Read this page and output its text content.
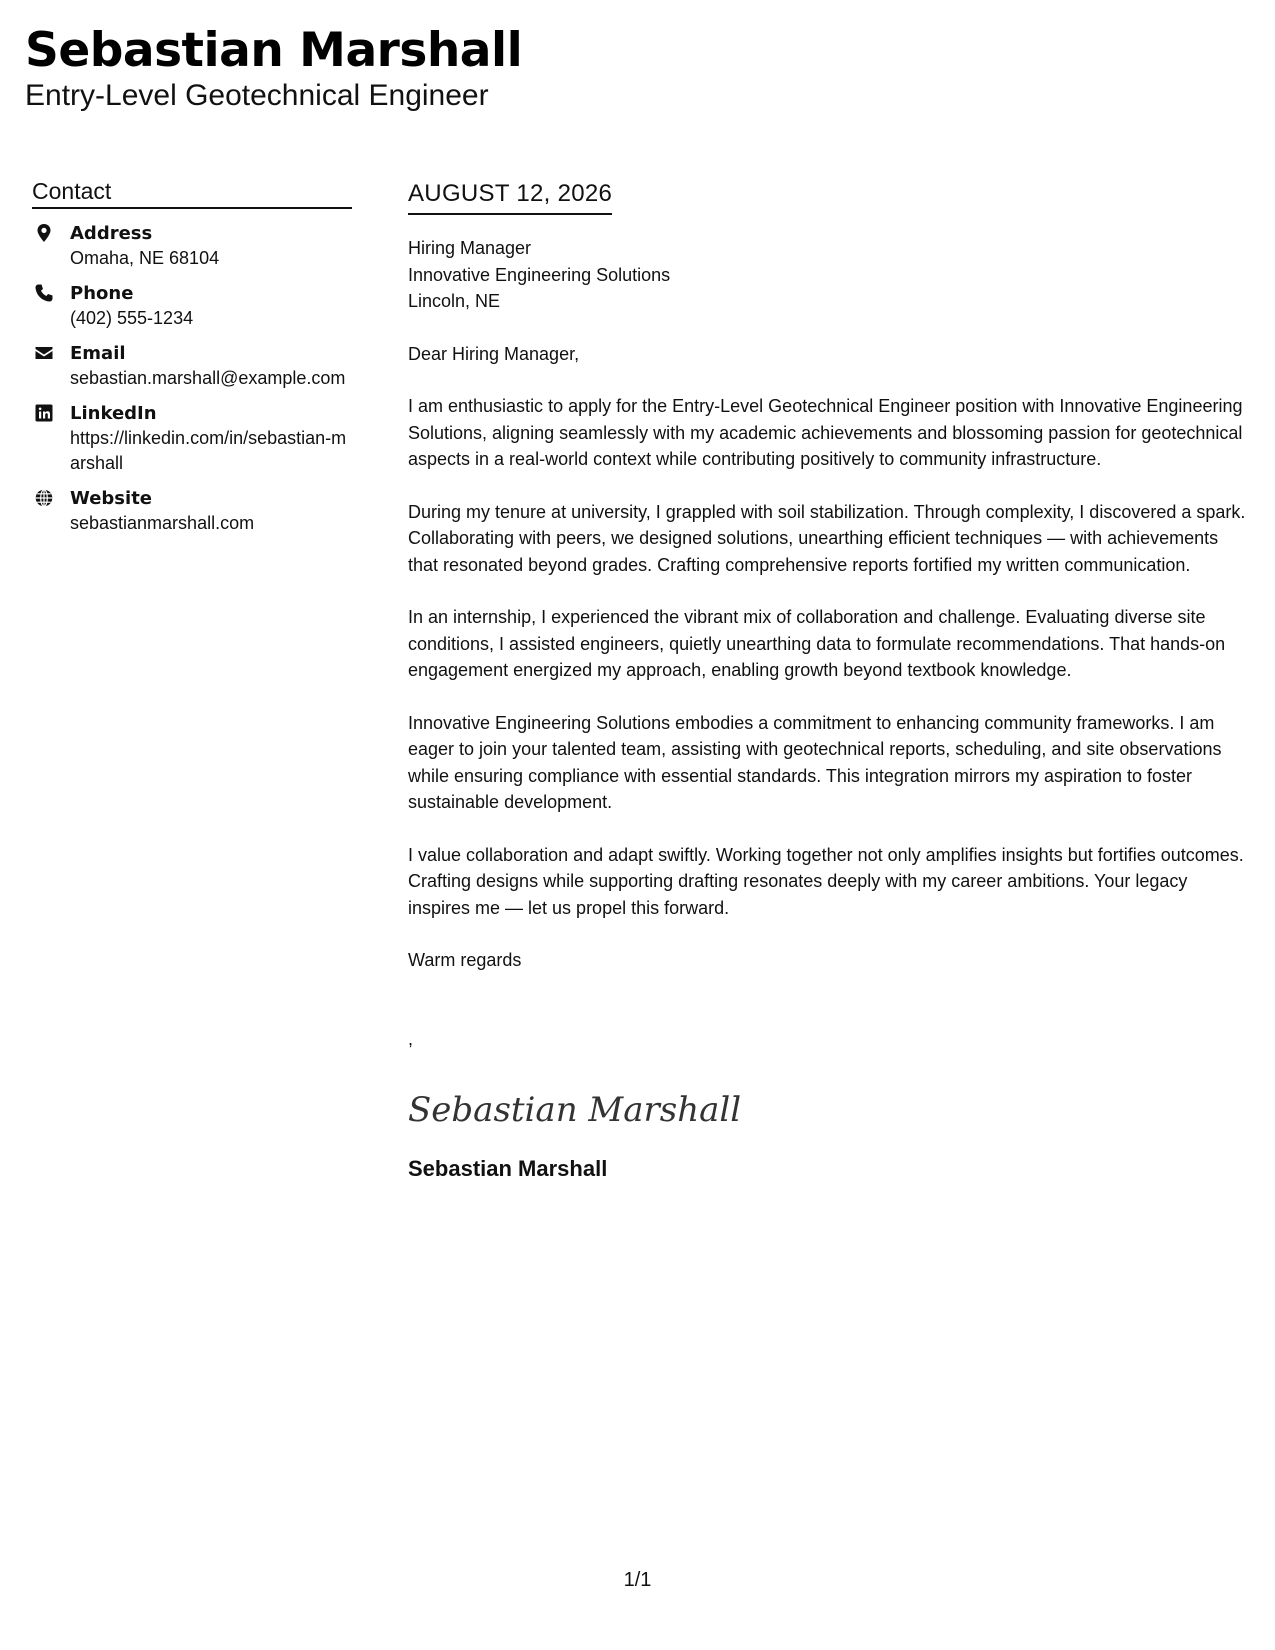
Sebastian Marshall
Entry-Level Geotechnical Engineer
Contact
Address
Omaha, NE 68104
Phone
(402) 555-1234
Email
sebastian.marshall@example.com
LinkedIn
https://linkedin.com/in/sebastian-marshall
Website
sebastianmarshall.com
AUGUST 12, 2026
Hiring Manager
Innovative Engineering Solutions
Lincoln, NE
Dear Hiring Manager,
I am enthusiastic to apply for the Entry-Level Geotechnical Engineer position with Innovative Engineering Solutions, aligning seamlessly with my academic achievements and blossoming passion for geotechnical aspects in a real-world context while contributing positively to community infrastructure.
During my tenure at university, I grappled with soil stabilization. Through complexity, I discovered a spark. Collaborating with peers, we designed solutions, unearthing efficient techniques — with achievements that resonated beyond grades. Crafting comprehensive reports fortified my written communication.
In an internship, I experienced the vibrant mix of collaboration and challenge. Evaluating diverse site conditions, I assisted engineers, quietly unearthing data to formulate recommendations. That hands-on engagement energized my approach, enabling growth beyond textbook knowledge.
Innovative Engineering Solutions embodies a commitment to enhancing community frameworks. I am eager to join your talented team, assisting with geotechnical reports, scheduling, and site observations while ensuring compliance with essential standards. This integration mirrors my aspiration to foster sustainable development.
I value collaboration and adapt swiftly. Working together not only amplifies insights but fortifies outcomes. Crafting designs while supporting drafting resonates deeply with my career ambitions. Your legacy inspires me — let us propel this forward.
Warm regards
,
Sebastian Marshall
Sebastian Marshall
1/1
